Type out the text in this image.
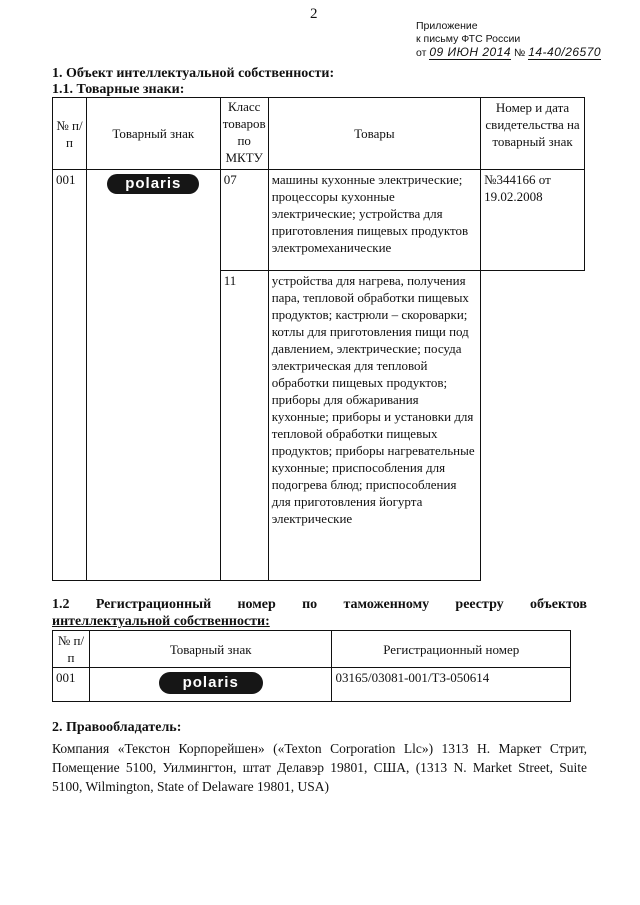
2
Приложение
к письму ФТС России
от 09 ИЮН 2014 № 14-40/26570
1. Объект интеллектуальной собственности:
1.1. Товарные знаки:
№ п/п	Товарный знак	Класс товаров по МКТУ	Товары	Номер и дата свидетельства на товарный знак
001	polaris	07	машины кухонные электрические; процессоры кухонные электрические; устройства для приготовления пищевых продуктов электромеханические	№344166 от 19.02.2008
		11	устройства для нагрева, получения пара, тепловой обработки пищевых продуктов; кастрюли – скороварки; котлы для приготовления пищи под давлением, электрические; посуда электрическая для тепловой обработки пищевых продуктов; приборы для обжаривания кухонные; приборы и установки для тепловой обработки пищевых продуктов; приборы нагревательные кухонные; приспособления для подогрева блюд; приспособления для приготовления йогурта электрические	
1.2 Регистрационный номер по таможенному реестру объектов
интеллектуальной собственности:
№ п/п	Товарный знак	Регистрационный номер
001	polaris	03165/03081-001/ТЗ-050614
2. Правообладатель:
Компания «Текстон Корпорейшен» («Texton Corporation Llc») 1313 Н. Маркет Стрит, Помещение 5100, Уилмингтон, штат Делавэр 19801, США, (1313 N. Market Street, Suite 5100, Wilmington, State of Delaware 19801, USA)
